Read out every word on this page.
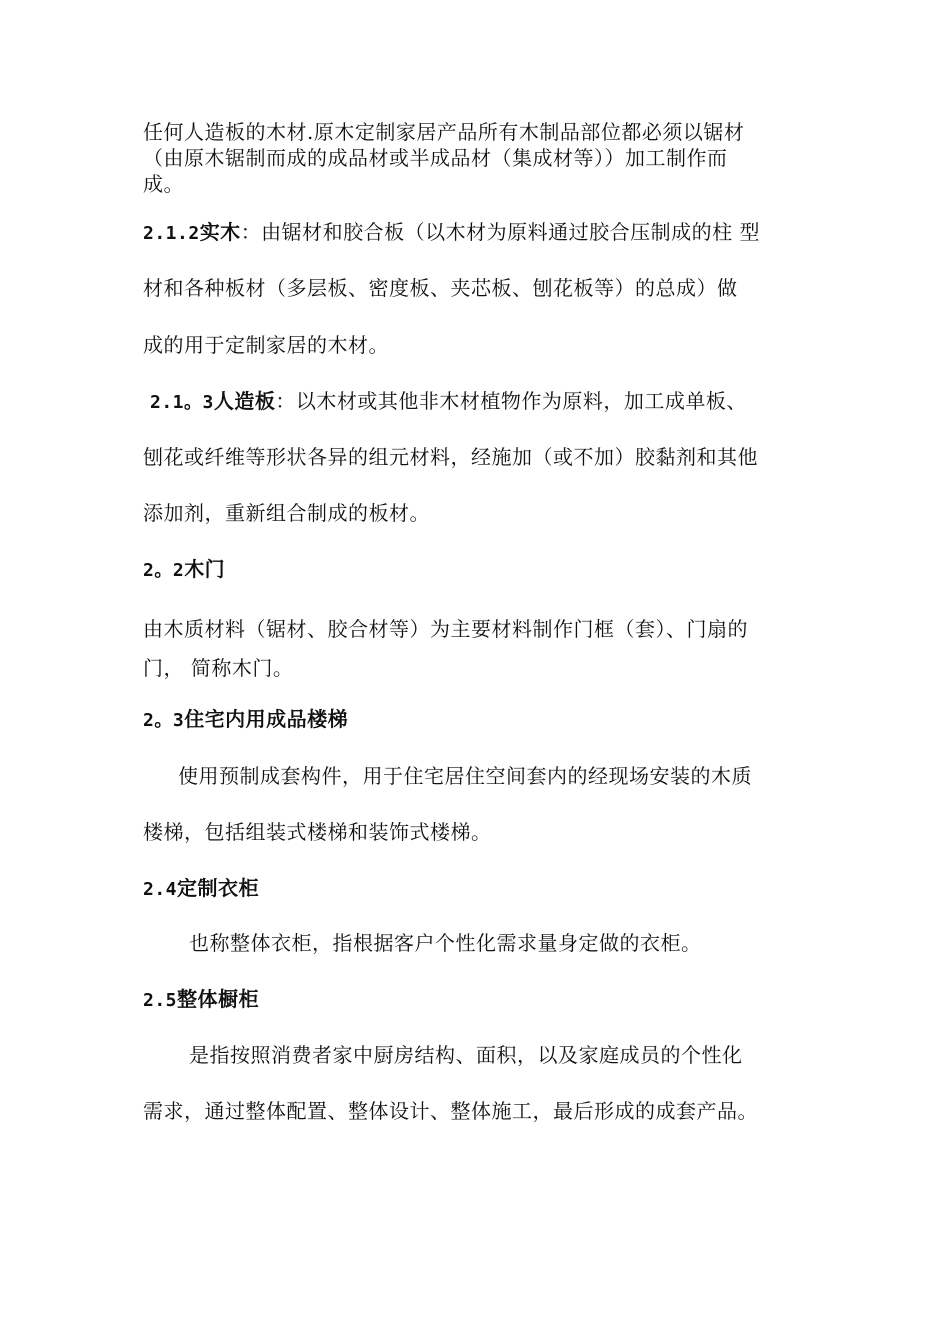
任何人造板的木材.原木定制家居产品所有木制品部位都必须以锯材
（由原木锯制而成的成品材或半成品材（集成材等））加工制作而
成。
2.1.2实木：由锯材和胶合板（以木材为原料通过胶合压制成的柱 型
材和各种板材（多层板、密度板、夹芯板、刨花板等）的总成）做
成的用于定制家居的木材。
2.1。3人造板：以木材或其他非木材植物作为原料，加工成单板、
刨花或纤维等形状各异的组元材料，经施加（或不加）胶黏剂和其他
添加剂，重新组合制成的板材。
2。2木门
由木质材料（锯材、胶合材等）为主要材料制作门框（套）、门扇的
门， 简称木门。
2。3住宅内用成品楼梯
使用预制成套构件，用于住宅居住空间套内的经现场安装的木质
楼梯，包括组装式楼梯和装饰式楼梯。
2.4定制衣柜
也称整体衣柜，指根据客户个性化需求量身定做的衣柜。
2.5整体橱柜
是指按照消费者家中厨房结构、面积，以及家庭成员的个性化
需求，通过整体配置、整体设计、整体施工，最后形成的成套产品。
